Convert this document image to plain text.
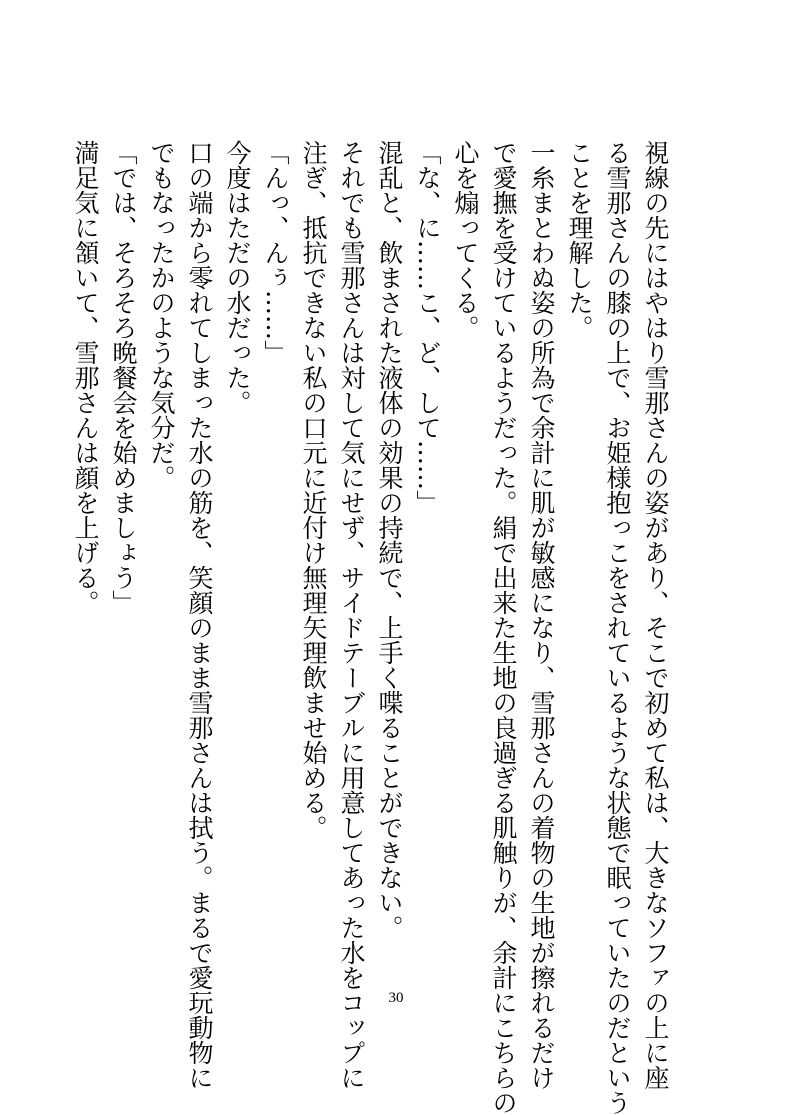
視線の先にはやはり雪那さんの姿があり、そこで初めて私は、大きなソファの上に座
る雪那さんの膝の上で、お姫様抱っこをされているような状態で眠っていたのだという
ことを理解した。
一糸まとわぬ姿の所為で余計に肌が敏感になり、雪那さんの着物の生地が擦れるだけ
で愛撫を受けているようだった。絹で出来た生地の良過ぎる肌触りが、余計にこちらの
心を煽ってくる。
「な、に……こ、ど、して……」
混乱と、飲まされた液体の効果の持続で、上手く喋ることができない。
それでも雪那さんは対して気にせず、サイドテーブルに用意してあった水をコップに
注ぎ、抵抗できない私の口元に近付け無理矢理飲ませ始める。
「んっ、んぅ……」
今度はただの水だった。
口の端から零れてしまった水の筋を、笑顔のまま雪那さんは拭う。まるで愛玩動物に
でもなったかのような気分だ。
「では、そろそろ晩餐会を始めましょう」
満足気に頷いて、雪那さんは顔を上げる。
30
